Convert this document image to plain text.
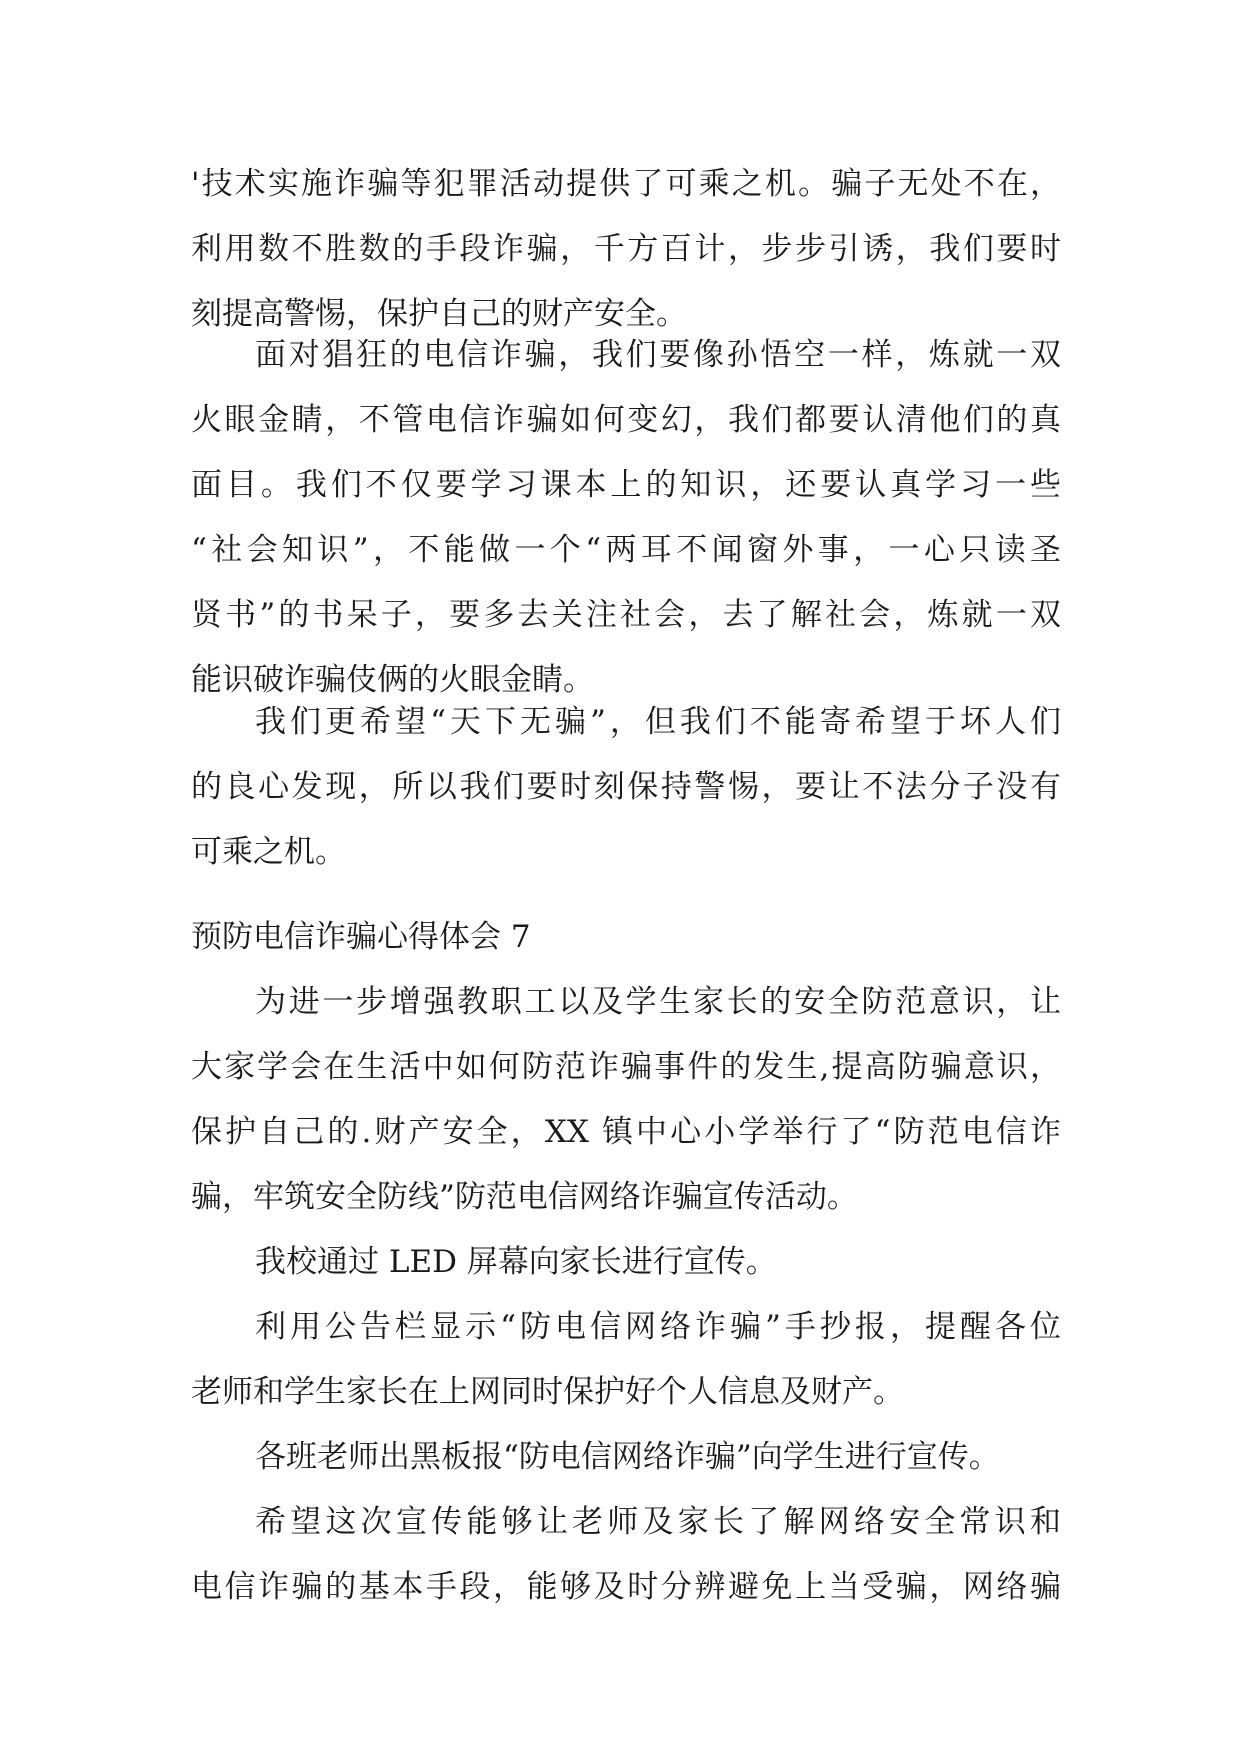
'技术实施诈骗等犯罪活动提供了可乘之机。骗子无处不在，
利用数不胜数的手段诈骗，千方百计，步步引诱，我们要时
刻提高警惕，保护自己的财产安全。
面对猖狂的电信诈骗，我们要像孙悟空一样，炼就一双
火眼金睛，不管电信诈骗如何变幻，我们都要认清他们的真
面目。我们不仅要学习课本上的知识，还要认真学习一些
“社会知识”，不能做一个“两耳不闻窗外事，一心只读圣
贤书”的书呆子，要多去关注社会，去了解社会，炼就一双
能识破诈骗伎俩的火眼金睛。
我们更希望“天下无骗”，但我们不能寄希望于坏人们
的良心发现，所以我们要时刻保持警惕，要让不法分子没有
可乘之机。
预防电信诈骗心得体会 7
为进一步增强教职工以及学生家长的安全防范意识，让
大家学会在生活中如何防范诈骗事件的发生,提高防骗意识，
保护自己的.财产安全，XX 镇中心小学举行了“防范电信诈
骗，牢筑安全防线”防范电信网络诈骗宣传活动。
我校通过 LED 屏幕向家长进行宣传。
利用公告栏显示“防电信网络诈骗”手抄报，提醒各位
老师和学生家长在上网同时保护好个人信息及财产。
各班老师出黑板报“防电信网络诈骗”向学生进行宣传。
希望这次宣传能够让老师及家长了解网络安全常识和
电信诈骗的基本手段，能够及时分辨避免上当受骗，网络骗
